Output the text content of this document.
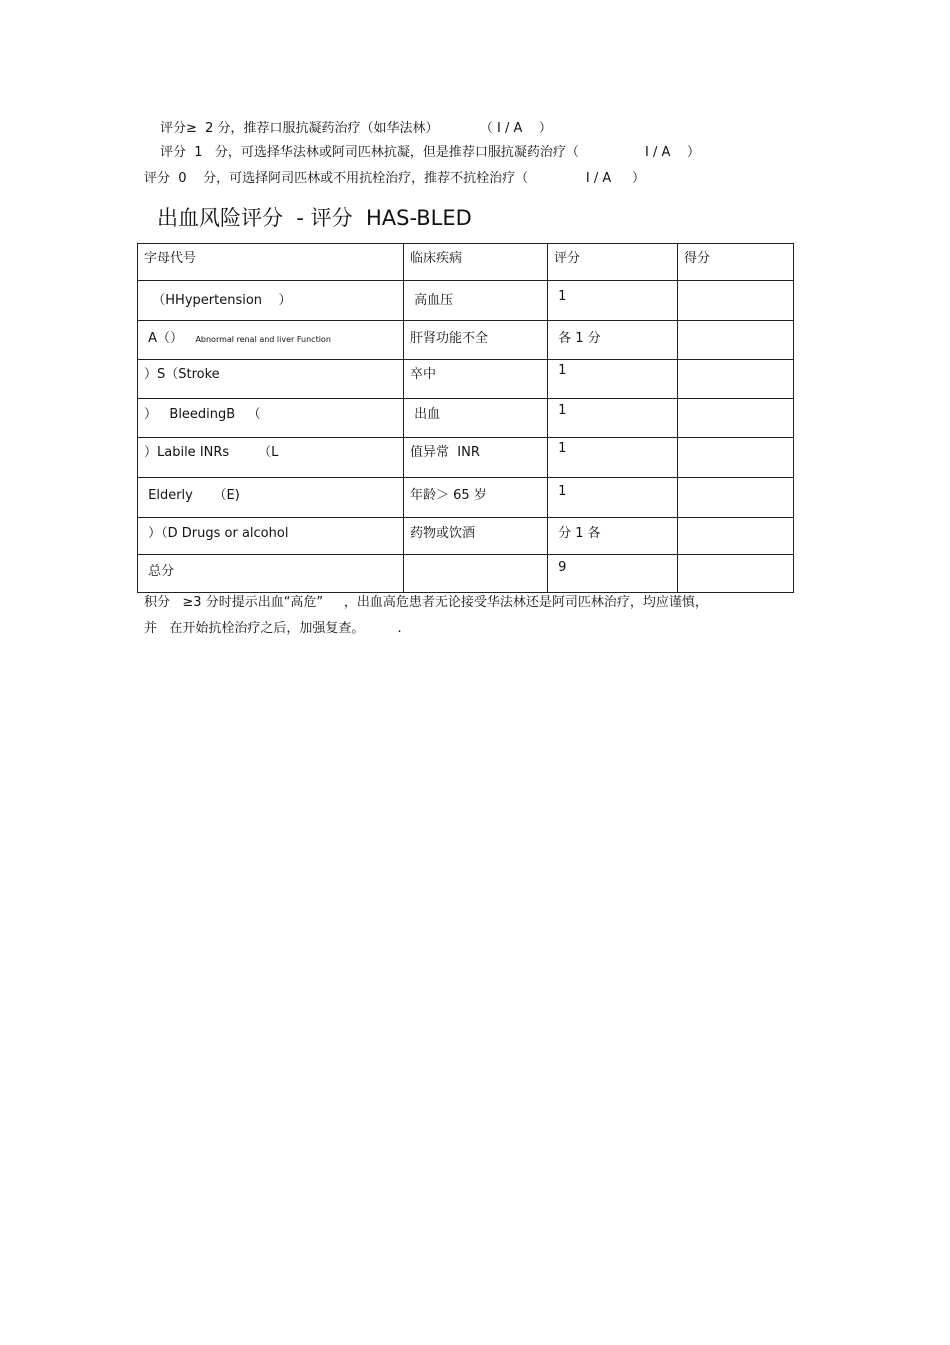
评分≥  2 分，推荐口服抗凝药治疗（如华法林）          （ I / A    ）
评分  1   分，可选择华法林或阿司匹林抗凝，但是推荐口服抗凝药治疗（                I / A    ）
评分  0    分，可选择阿司匹林或不用抗栓治疗，推荐不抗栓治疗（              I / A     ）
出血风险评分  - 评分  HAS-BLED
字母代号	临床疾病	评分	得分
（HHypertension    ）	高血压	1	
A（） Abnormal renal and liver Function	肝肾功能不全	各 1 分	
）S（Stroke	卒中	1	
）   BleedingB   （	出血	1	
）Labile INRs       （L	值异常  INR	1	
Elderly     （E)	年龄＞ 65 岁	1	
）（D Drugs or alcohol	药物或饮酒	分 1 各	
总分		9	
积分   ≥3 分时提示出血“高危”     ，出血高危患者无论接受华法林还是阿司匹林治疗，均应谨慎，
并   在开始抗栓治疗之后，加强复查。        .
